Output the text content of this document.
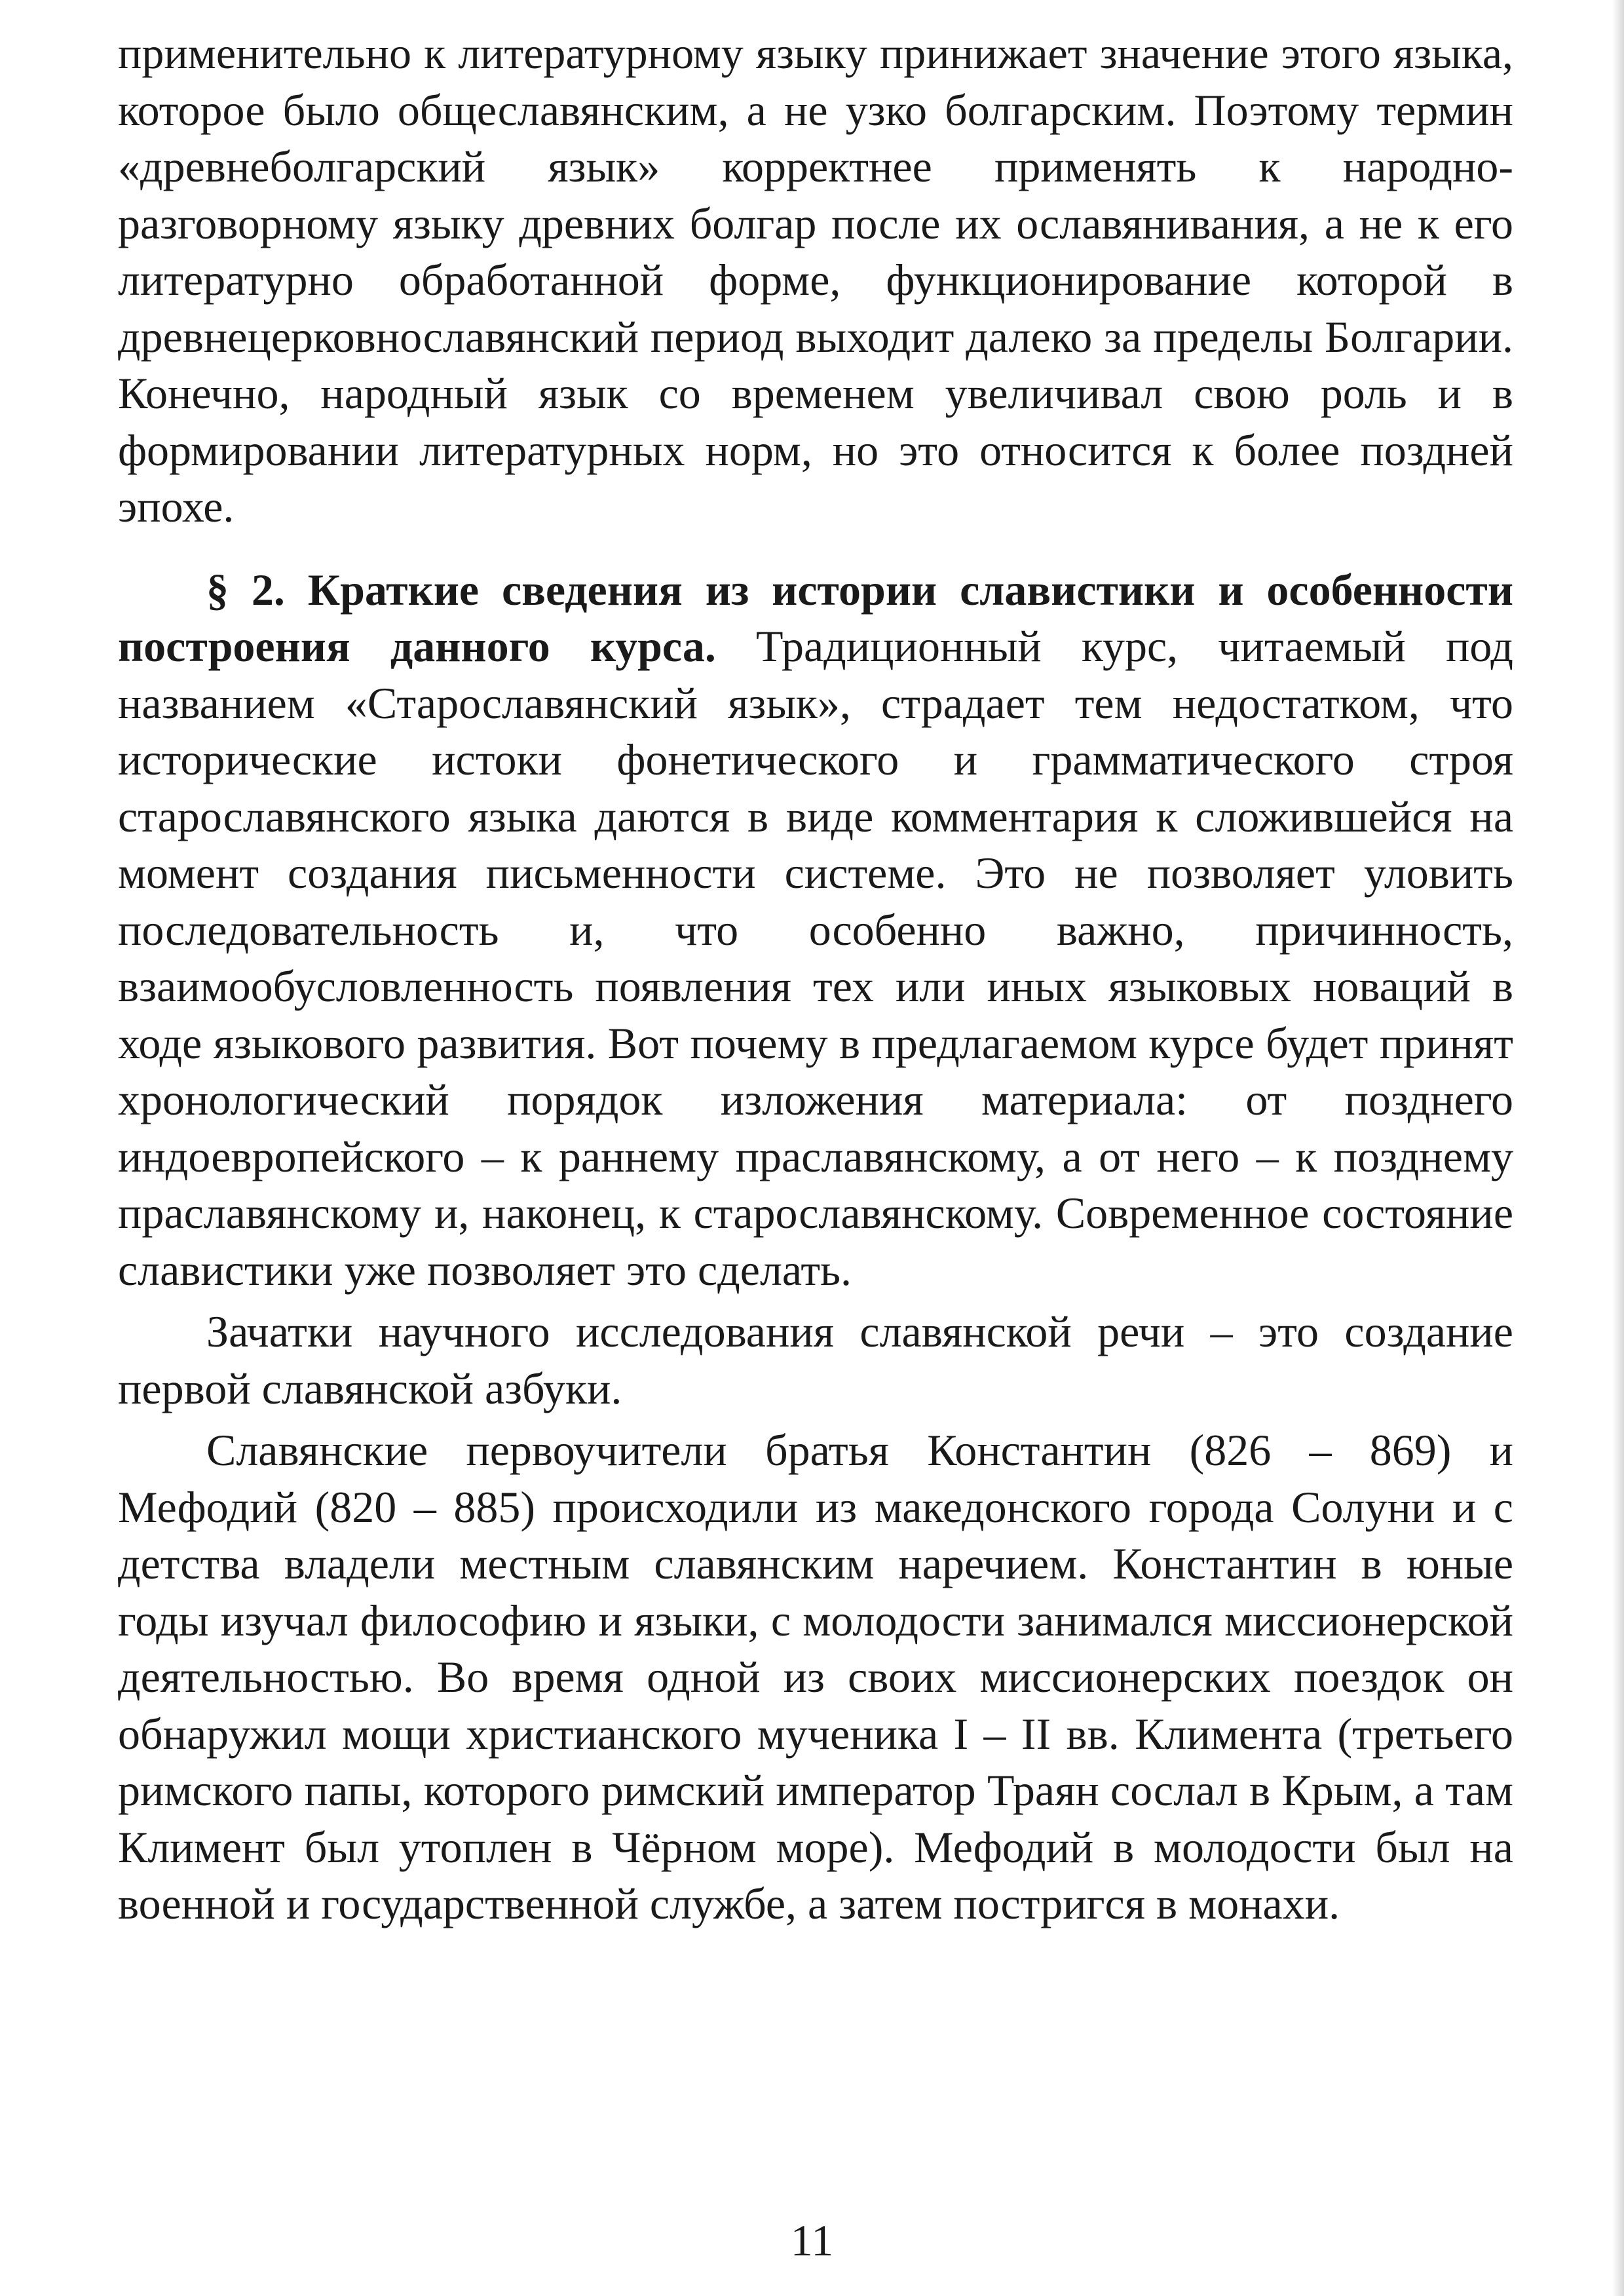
применительно к литературному языку принижает значение этого языка, которое было общеславянским, а не узко болгарским. Поэтому термин «древнеболгарский язык» корректнее применять к народно-разговорному языку древних болгар после их ославянивания, а не к его литературно обработанной форме, функционирование которой в древнецерковнославянский период выходит далеко за пределы Болгарии. Конечно, народный язык со временем увеличивал свою роль и в формировании литературных норм, но это относится к более поздней эпохе.

§ 2. Краткие сведения из истории славистики и особенности построения данного курса. Традиционный курс, читаемый под названием «Старославянский язык», страдает тем недостатком, что исторические истоки фонетического и грамматического строя старославянского языка даются в виде комментария к сложившейся на момент создания письменности системе. Это не позволяет уловить последовательность и, что особенно важно, причинность, взаимообусловленность появления тех или иных языковых новаций в ходе языкового развития. Вот почему в предлагаемом курсе будет принят хронологический порядок изложения материала: от позднего индоевропейского – к раннему праславянскому, а от него – к позднему праславянскому и, наконец, к старославянскому. Современное состояние славистики уже позволяет это сделать.

Зачатки научного исследования славянской речи – это создание первой славянской азбуки.

Славянские первоучители братья Константин (826 – 869) и Мефодий (820 – 885) происходили из македонского города Солуни и с детства владели местным славянским наречием. Константин в юные годы изучал философию и языки, с молодости занимался миссионерской деятельностью. Во время одной из своих миссионерских поездок он обнаружил мощи христианского мученика I – II вв. Климента (третьего римского папы, которого римский император Траян сослал в Крым, а там Климент был утоплен в Чёрном море). Мефодий в молодости был на военной и государственной службе, а затем постригся в монахи.

11
